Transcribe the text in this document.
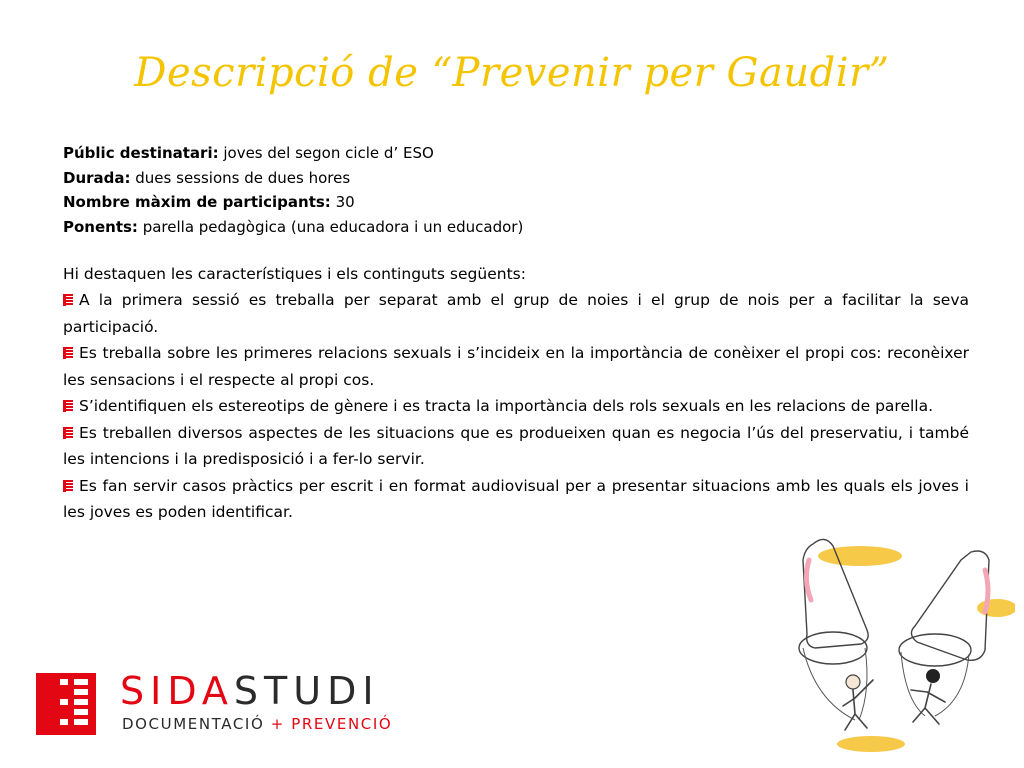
Descripció de “Prevenir per Gaudir”
Públic destinatari: joves del segon cicle d’ ESO
Durada: dues sessions de dues hores
Nombre màxim de participants: 30
Ponents: parella pedagògica (una educadora i un educador)
Hi destaquen les característiques i els continguts següents:
A la primera sessió es treballa per separat amb el grup de noies i el grup de nois per a facilitar la seva participació.
Es treballa sobre les primeres relacions sexuals i s’incideix en la importància de conèixer el propi cos: reconèixer les sensacions i el respecte al propi cos.
S’identifiquen els estereotips de gènere i es tracta la importància dels rols sexuals en les relacions de parella.
Es treballen diversos aspectes de les situacions que es produeixen quan es negocia l’ús del preservatiu, i també les intencions i la predisposició i a fer-lo servir.
Es fan servir casos pràctics per escrit i en format audiovisual per a presentar situacions amb les quals els joves i les joves es poden identificar.
SIDASTUDI
DOCUMENTACIÓ + PREVENCIÓ
